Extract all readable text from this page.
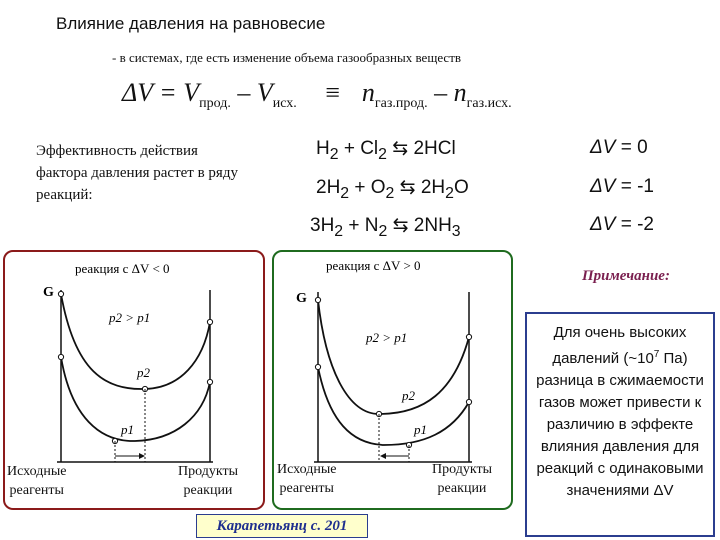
Влияние давления на равновесие
- в системах, где есть изменение объема газообразных веществ
$\Delta V = V_{прод.} - V_{исх.} \equiv n_{газ.прод.} - n_{газ.исх.}$
Эффективность действия фактора давления растет в ряду реакций:
$H_2 + Cl_2$ ⇆ 2HCl	ΔV = 0
$2H_2 + O_2$ ⇆ $2H_2O$	ΔV = -1
$3H_2 + N_2$ ⇆ $2NH_3$	ΔV = -2
реакция с ΔV < 0
G
p2 > p1
p2
p1
Исходные
реагенты
Продукты
реакции
реакция с ΔV > 0
G
p2 > p1
p2
p1
Исходные
реагенты
Продукты
реакции
Примечание:
Для очень высоких давлений ($\sim 10^7$ Па) разница в сжимаемости газов может привести к различию в эффекте влияния давления для реакций с одинаковыми значениями ΔV
Карапетьянц с. 201
